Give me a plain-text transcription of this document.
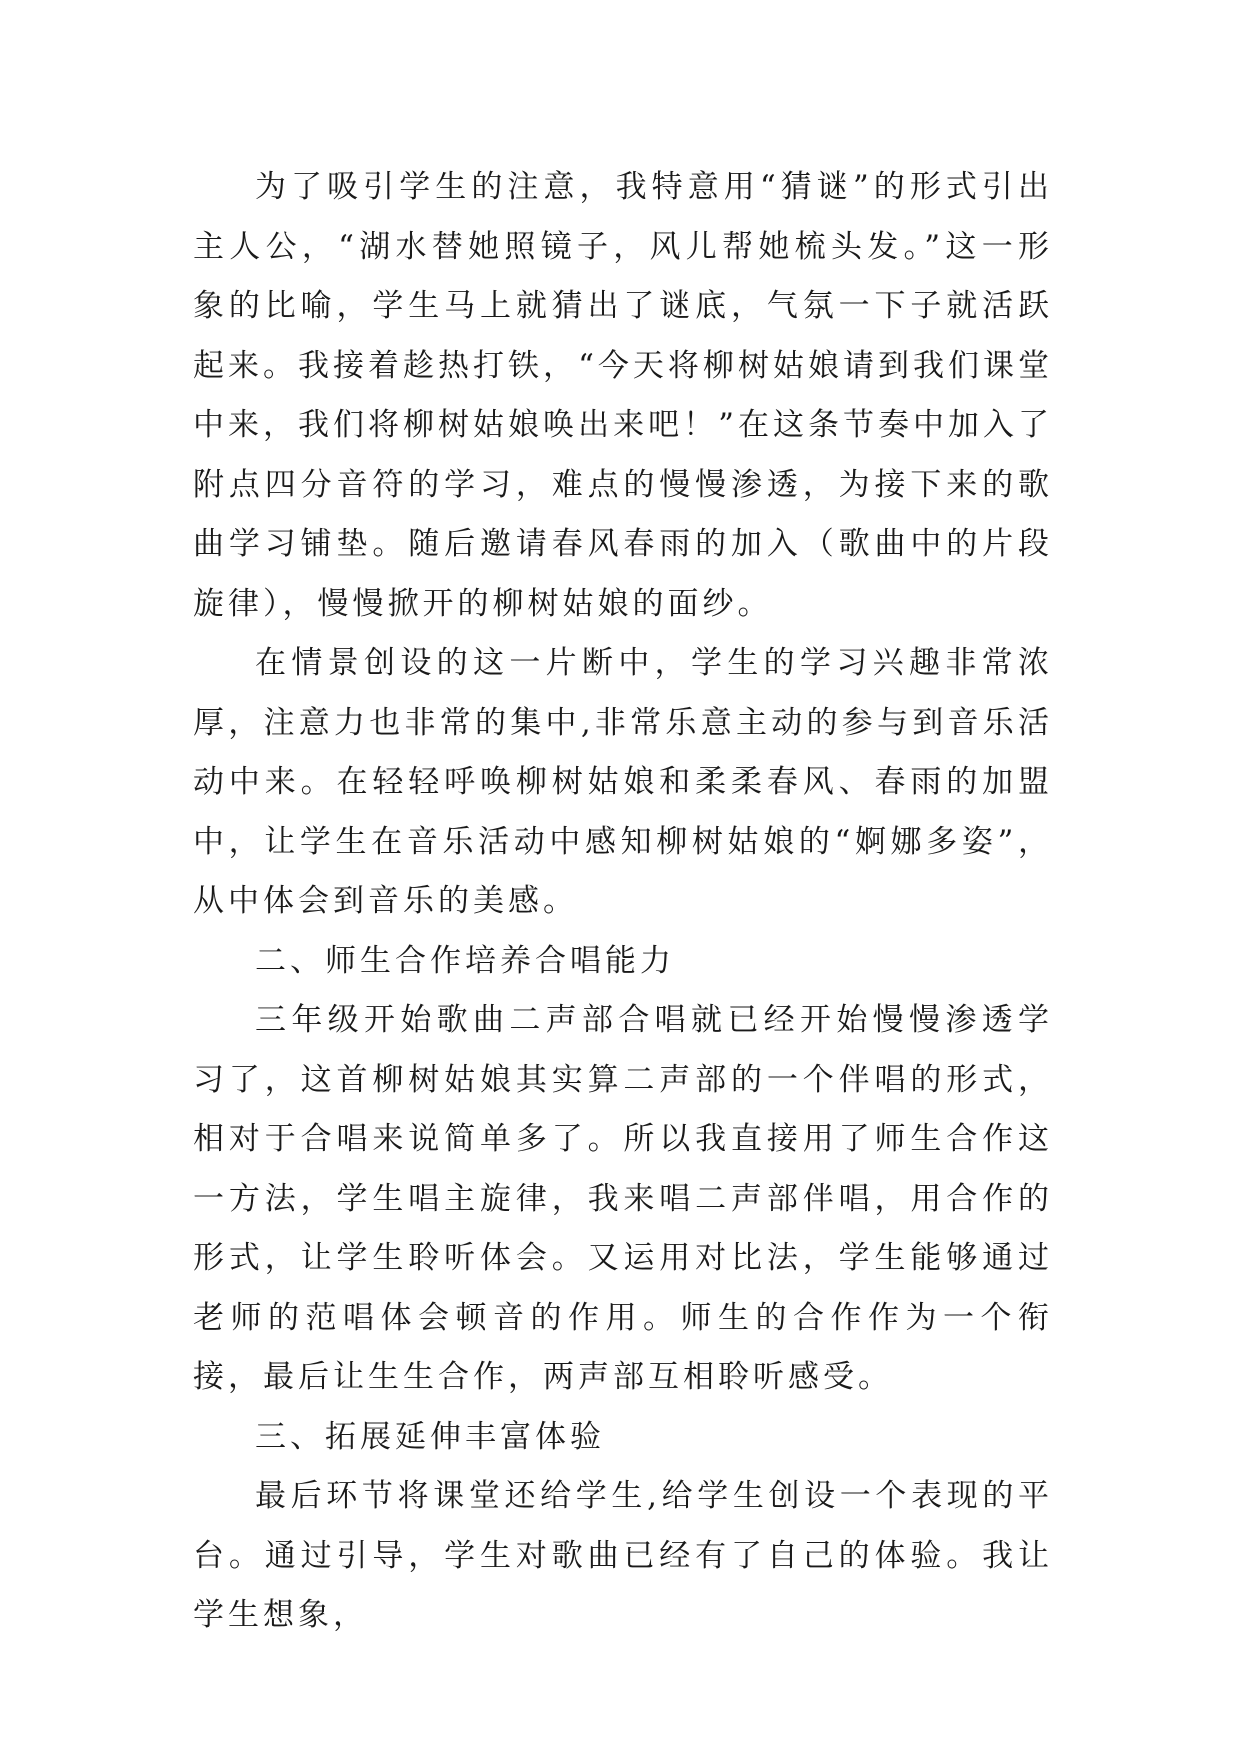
为了吸引学生的注意，我特意用“猜谜”的形式引出主人公，“湖水替她照镜子，风儿帮她梳头发。”这一形象的比喻，学生马上就猜出了谜底，气氛一下子就活跃起来。我接着趁热打铁，“今天将柳树姑娘请到我们课堂中来，我们将柳树姑娘唤出来吧！”在这条节奏中加入了附点四分音符的学习，难点的慢慢渗透，为接下来的歌曲学习铺垫。随后邀请春风春雨的加入（歌曲中的片段旋律），慢慢掀开的柳树姑娘的面纱。

在情景创设的这一片断中，学生的学习兴趣非常浓厚，注意力也非常的集中,非常乐意主动的参与到音乐活动中来。在轻轻呼唤柳树姑娘和柔柔春风、春雨的加盟中，让学生在音乐活动中感知柳树姑娘的“婀娜多姿”，从中体会到音乐的美感。

二、师生合作培养合唱能力

三年级开始歌曲二声部合唱就已经开始慢慢渗透学习了，这首柳树姑娘其实算二声部的一个伴唱的形式，相对于合唱来说简单多了。所以我直接用了师生合作这一方法，学生唱主旋律，我来唱二声部伴唱，用合作的形式，让学生聆听体会。又运用对比法，学生能够通过老师的范唱体会顿音的作用。师生的合作作为一个衔接，最后让生生合作，两声部互相聆听感受。

三、拓展延伸丰富体验

最后环节将课堂还给学生,给学生创设一个表现的平台。通过引导，学生对歌曲已经有了自己的体验。我让学生想象，
